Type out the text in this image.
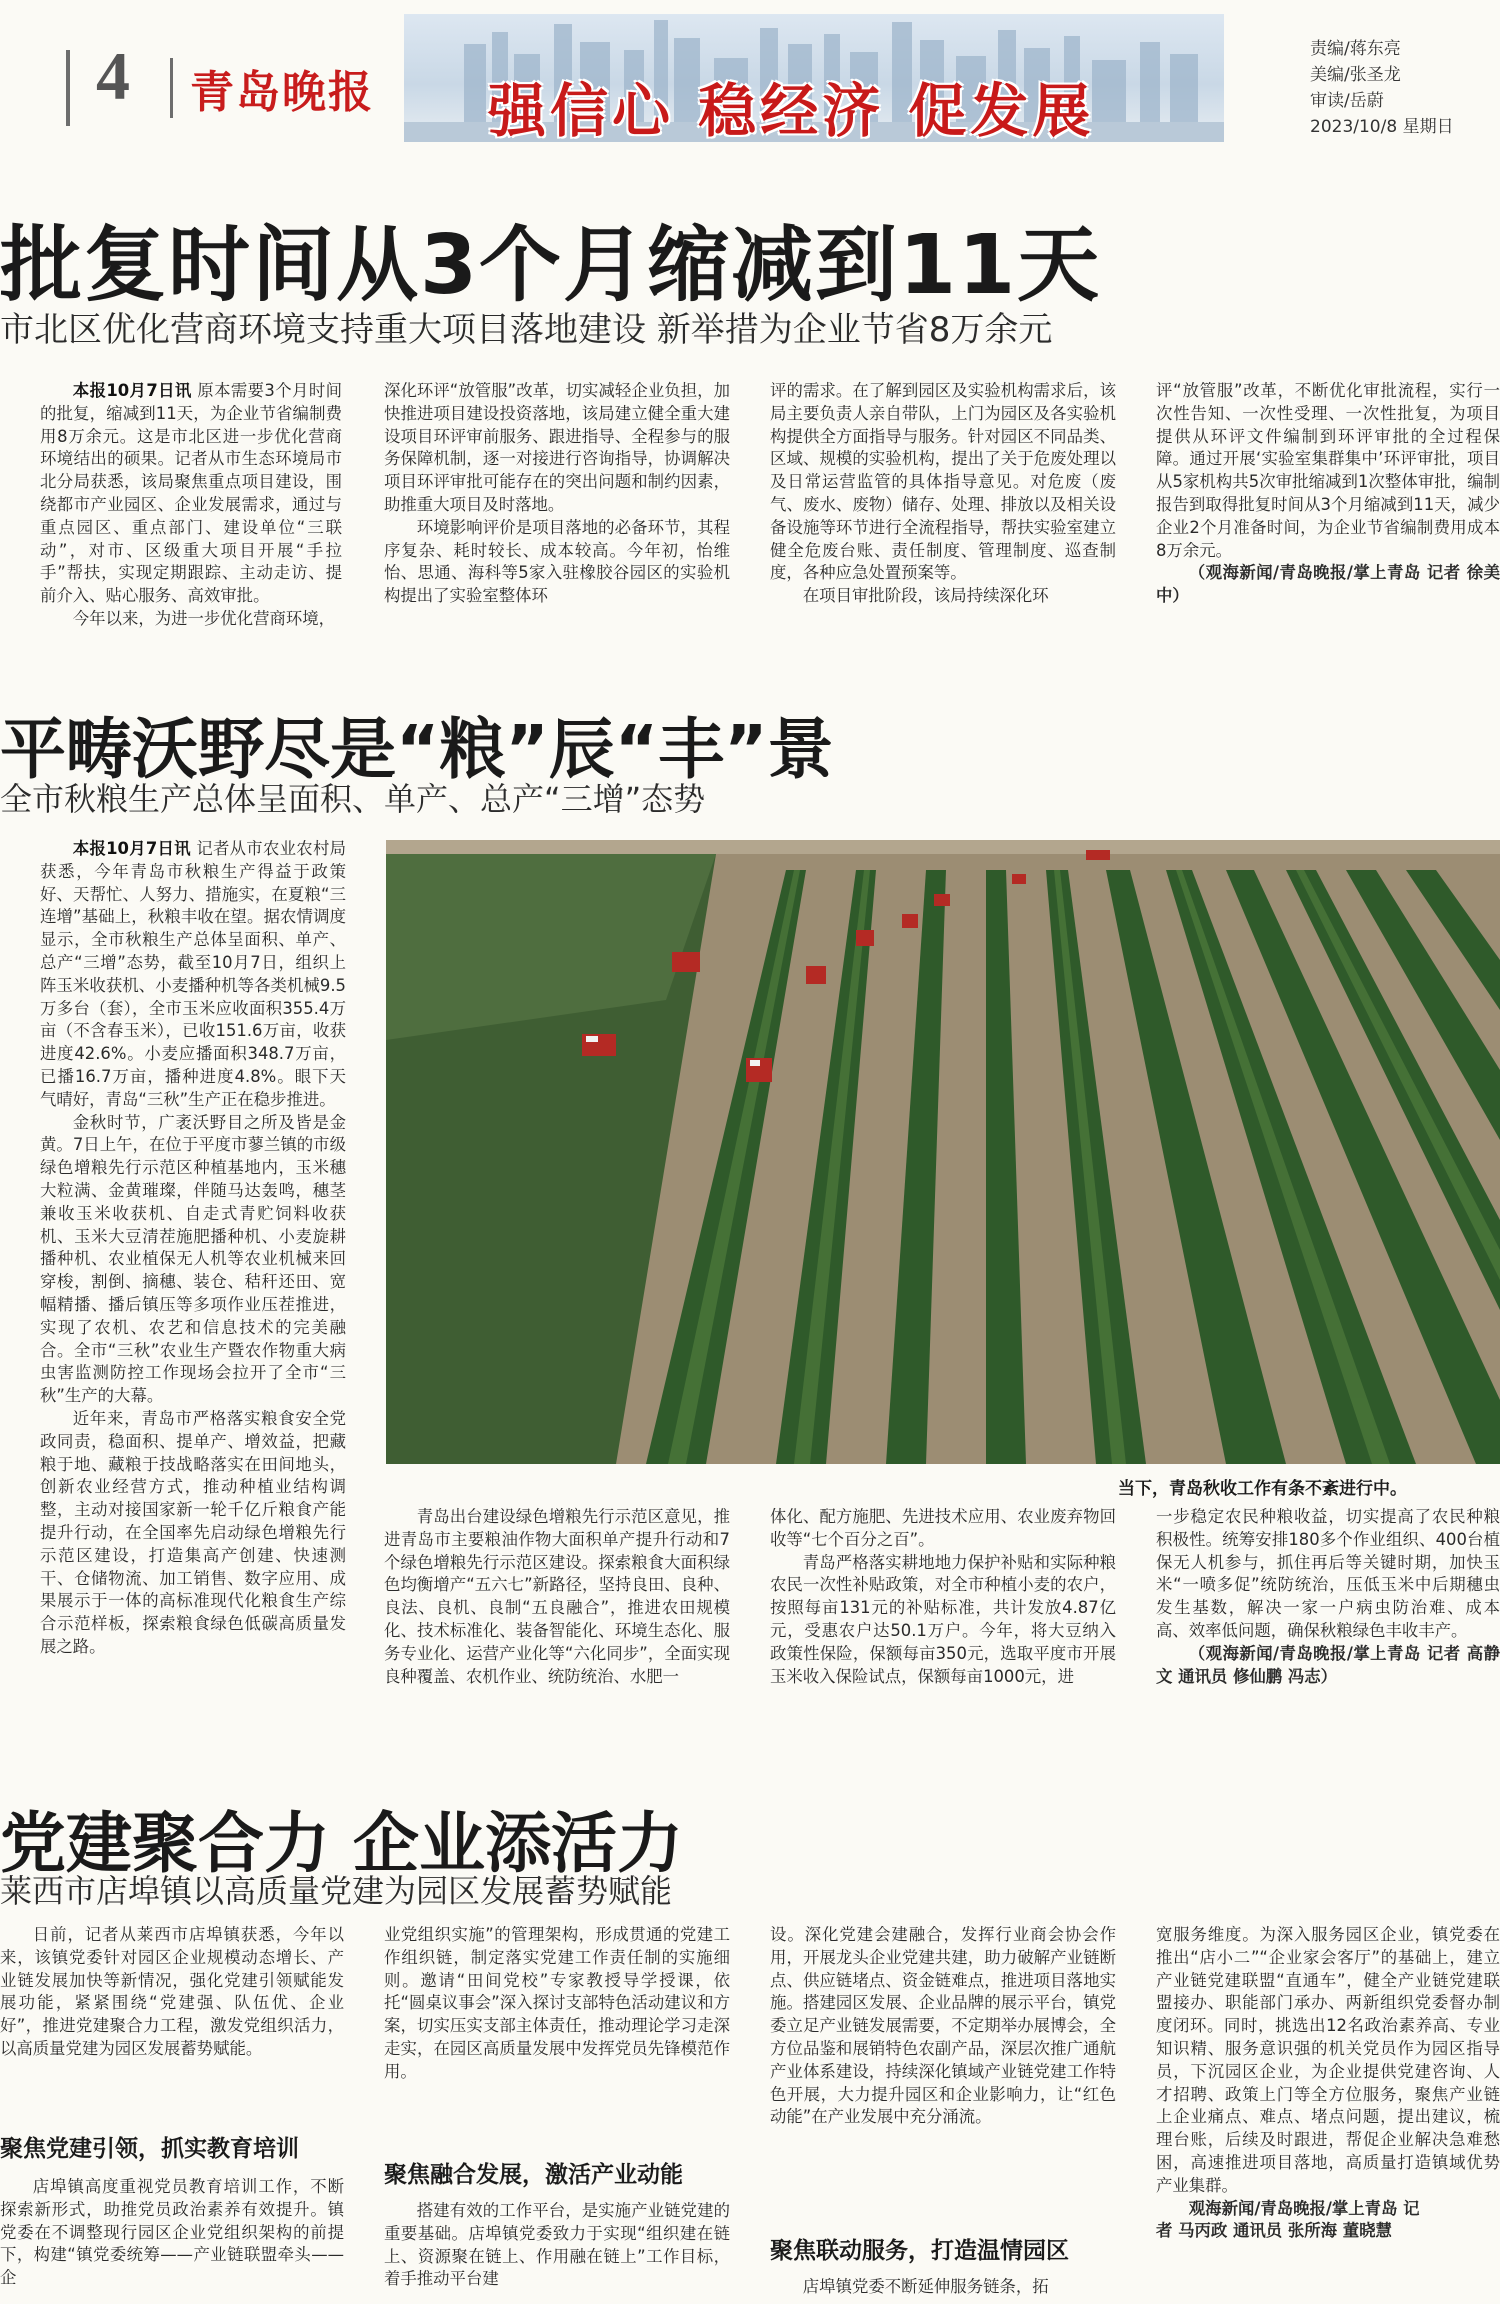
4 青岛晚报 强信心 稳经济 促发展
责编/蒋东亮
美编/张圣龙
审读/岳蔚
2023/10/8 星期日
批复时间从3个月缩减到11天
市北区优化营商环境支持重大项目落地建设 新举措为企业节省8万余元

本报10月7日讯 原本需要3个月时间的批复，缩减到11天，为企业节省编制费用8万余元。这是市北区进一步优化营商环境结出的硕果。记者从市生态环境局市北分局获悉，该局聚焦重点项目建设，围绕都市产业园区、企业发展需求，通过与重点园区、重点部门、建设单位“三联动”，对市、区级重大项目开展“手拉手”帮扶，实现定期跟踪、主动走访、提前介入、贴心服务、高效审批。

今年以来，为进一步优化营商环境，

深化环评“放管服”改革，切实减轻企业负担，加快推进项目建设投资落地，该局建立健全重大建设项目环评审前服务、跟进指导、全程参与的服务保障机制，逐一对接进行咨询指导，协调解决项目环评审批可能存在的突出问题和制约因素，助推重大项目及时落地。

环境影响评价是项目落地的必备环节，其程序复杂、耗时较长、成本较高。今年初，怡维怡、思通、海科等5家入驻橡胶谷园区的实验机构提出了实验室整体环

评的需求。在了解到园区及实验机构需求后，该局主要负责人亲自带队，上门为园区及各实验机构提供全方面指导与服务。针对园区不同品类、区域、规模的实验机构，提出了关于危废处理以及日常运营监管的具体指导意见。对危废（废气、废水、废物）储存、处理、排放以及相关设备设施等环节进行全流程指导，帮扶实验室建立健全危废台账、责任制度、管理制度、巡查制度，各种应急处置预案等。

在项目审批阶段，该局持续深化环

评“放管服”改革，不断优化审批流程，实行一次性告知、一次性受理、一次性批复，为项目提供从环评文件编制到环评审批的全过程保障。通过开展‘实验室集群集中’环评审批，项目从5家机构共5次审批缩减到1次整体审批，编制报告到取得批复时间从3个月缩减到11天，减少企业2个月准备时间，为企业节省编制费用成本8万余元。

（观海新闻/青岛晚报/掌上青岛 记者 徐美中）

平畴沃野尽是“粮”辰“丰”景
全市秋粮生产总体呈面积、单产、总产“三增”态势

本报10月7日讯 记者从市农业农村局获悉，今年青岛市秋粮生产得益于政策好、天帮忙、人努力、措施实，在夏粮“三连增”基础上，秋粮丰收在望。据农情调度显示，全市秋粮生产总体呈面积、单产、总产“三增”态势，截至10月7日，组织上阵玉米收获机、小麦播种机等各类机械9.5万多台（套），全市玉米应收面积355.4万亩（不含春玉米），已收151.6万亩，收获进度42.6%。小麦应播面积348.7万亩，已播16.7万亩，播种进度4.8%。眼下天气晴好，青岛“三秋”生产正在稳步推进。

金秋时节，广袤沃野目之所及皆是金黄。7日上午，在位于平度市蓼兰镇的市级绿色增粮先行示范区种植基地内，玉米穗大粒满、金黄璀璨，伴随马达轰鸣，穗茎兼收玉米收获机、自走式青贮饲料收获机、玉米大豆清茬施肥播种机、小麦旋耕播种机、农业植保无人机等农业机械来回穿梭，割倒、摘穗、装仓、秸秆还田、宽幅精播、播后镇压等多项作业压茬推进，实现了农机、农艺和信息技术的完美融合。全市“三秋”农业生产暨农作物重大病虫害监测防控工作现场会拉开了全市“三秋”生产的大幕。

近年来，青岛市严格落实粮食安全党政同责，稳面积、提单产、增效益，把藏粮于地、藏粮于技战略落实在田间地头，创新农业经营方式，推动种植业结构调整，主动对接国家新一轮千亿斤粮食产能提升行动，在全国率先启动绿色增粮先行示范区建设，打造集高产创建、快速测干、仓储物流、加工销售、数字应用、成果展示于一体的高标准现代化粮食生产综合示范样板，探索粮食绿色低碳高质量发展之路。

当下，青岛秋收工作有条不紊进行中。

青岛出台建设绿色增粮先行示范区意见，推进青岛市主要粮油作物大面积单产提升行动和7个绿色增粮先行示范区建设。探索粮食大面积绿色均衡增产“五六七”新路径，坚持良田、良种、良法、良机、良制“五良融合”，推进农田规模化、技术标准化、装备智能化、环境生态化、服务专业化、运营产业化等“六化同步”，全面实现良种覆盖、农机作业、统防统治、水肥一

体化、配方施肥、先进技术应用、农业废弃物回收等“七个百分之百”。

青岛严格落实耕地地力保护补贴和实际种粮农民一次性补贴政策，对全市种植小麦的农户，按照每亩131元的补贴标准，共计发放4.87亿元，受惠农户达50.1万户。今年，将大豆纳入政策性保险，保额每亩350元，选取平度市开展玉米收入保险试点，保额每亩1000元，进

一步稳定农民种粮收益，切实提高了农民种粮积极性。统筹安排180多个作业组织、400台植保无人机参与，抓住再后等关键时期，加快玉米“一喷多促”统防统治，压低玉米中后期穗虫发生基数，解决一家一户病虫防治难、成本高、效率低问题，确保秋粮绿色丰收丰产。

（观海新闻/青岛晚报/掌上青岛 记者 高静文 通讯员 修仙鹏 冯志）

党建聚合力 企业添活力
莱西市店埠镇以高质量党建为园区发展蓄势赋能

日前，记者从莱西市店埠镇获悉，今年以来，该镇党委针对园区企业规模动态增长、产业链发展加快等新情况，强化党建引领赋能发展功能，紧紧围绕“党建强、队伍优、企业好”，推进党建聚合力工程，激发党组织活力，以高质量党建为园区发展蓄势赋能。

聚焦党建引领，抓实教育培训

店埠镇高度重视党员教育培训工作，不断探索新形式，助推党员政治素养有效提升。镇党委在不调整现行园区企业党组织架构的前提下，构建“镇党委统筹——产业链联盟牵头——企

业党组织实施”的管理架构，形成贯通的党建工作组织链，制定落实党建工作责任制的实施细则。邀请“田间党校”专家教授导学授课，依托“圆桌议事会”深入探讨支部特色活动建议和方案，切实压实支部主体责任，推动理论学习走深走实，在园区高质量发展中发挥党员先锋模范作用。

聚焦融合发展，激活产业动能

搭建有效的工作平台，是实施产业链党建的重要基础。店埠镇党委致力于实现“组织建在链上、资源聚在链上、作用融在链上”工作目标，着手推动平台建

设。深化党建会建融合，发挥行业商会协会作用，开展龙头企业党建共建，助力破解产业链断点、供应链堵点、资金链难点，推进项目落地实施。搭建园区发展、企业品牌的展示平台，镇党委立足产业链发展需要，不定期举办展博会，全方位品鉴和展销特色农副产品，深层次推广通航产业体系建设，持续深化镇域产业链党建工作特色开展，大力提升园区和企业影响力，让“红色动能”在产业发展中充分涌流。

聚焦联动服务，打造温情园区

店埠镇党委不断延伸服务链条，拓

宽服务维度。为深入服务园区企业，镇党委在推出“店小二”“企业家会客厅”的基础上，建立产业链党建联盟“直通车”，健全产业链党建联盟接办、职能部门承办、两新组织党委督办制度闭环。同时，挑选出12名政治素养高、专业知识精、服务意识强的机关党员作为园区指导员，下沉园区企业，为企业提供党建咨询、人才招聘、政策上门等全方位服务，聚焦产业链上企业痛点、难点、堵点问题，提出建议，梳理台账，后续及时跟进，帮促企业解决急难愁困，高速推进项目落地，高质量打造镇域优势产业集群。

观海新闻/青岛晚报/掌上青岛 记

者 马丙政 通讯员 张所海 董晓慧
